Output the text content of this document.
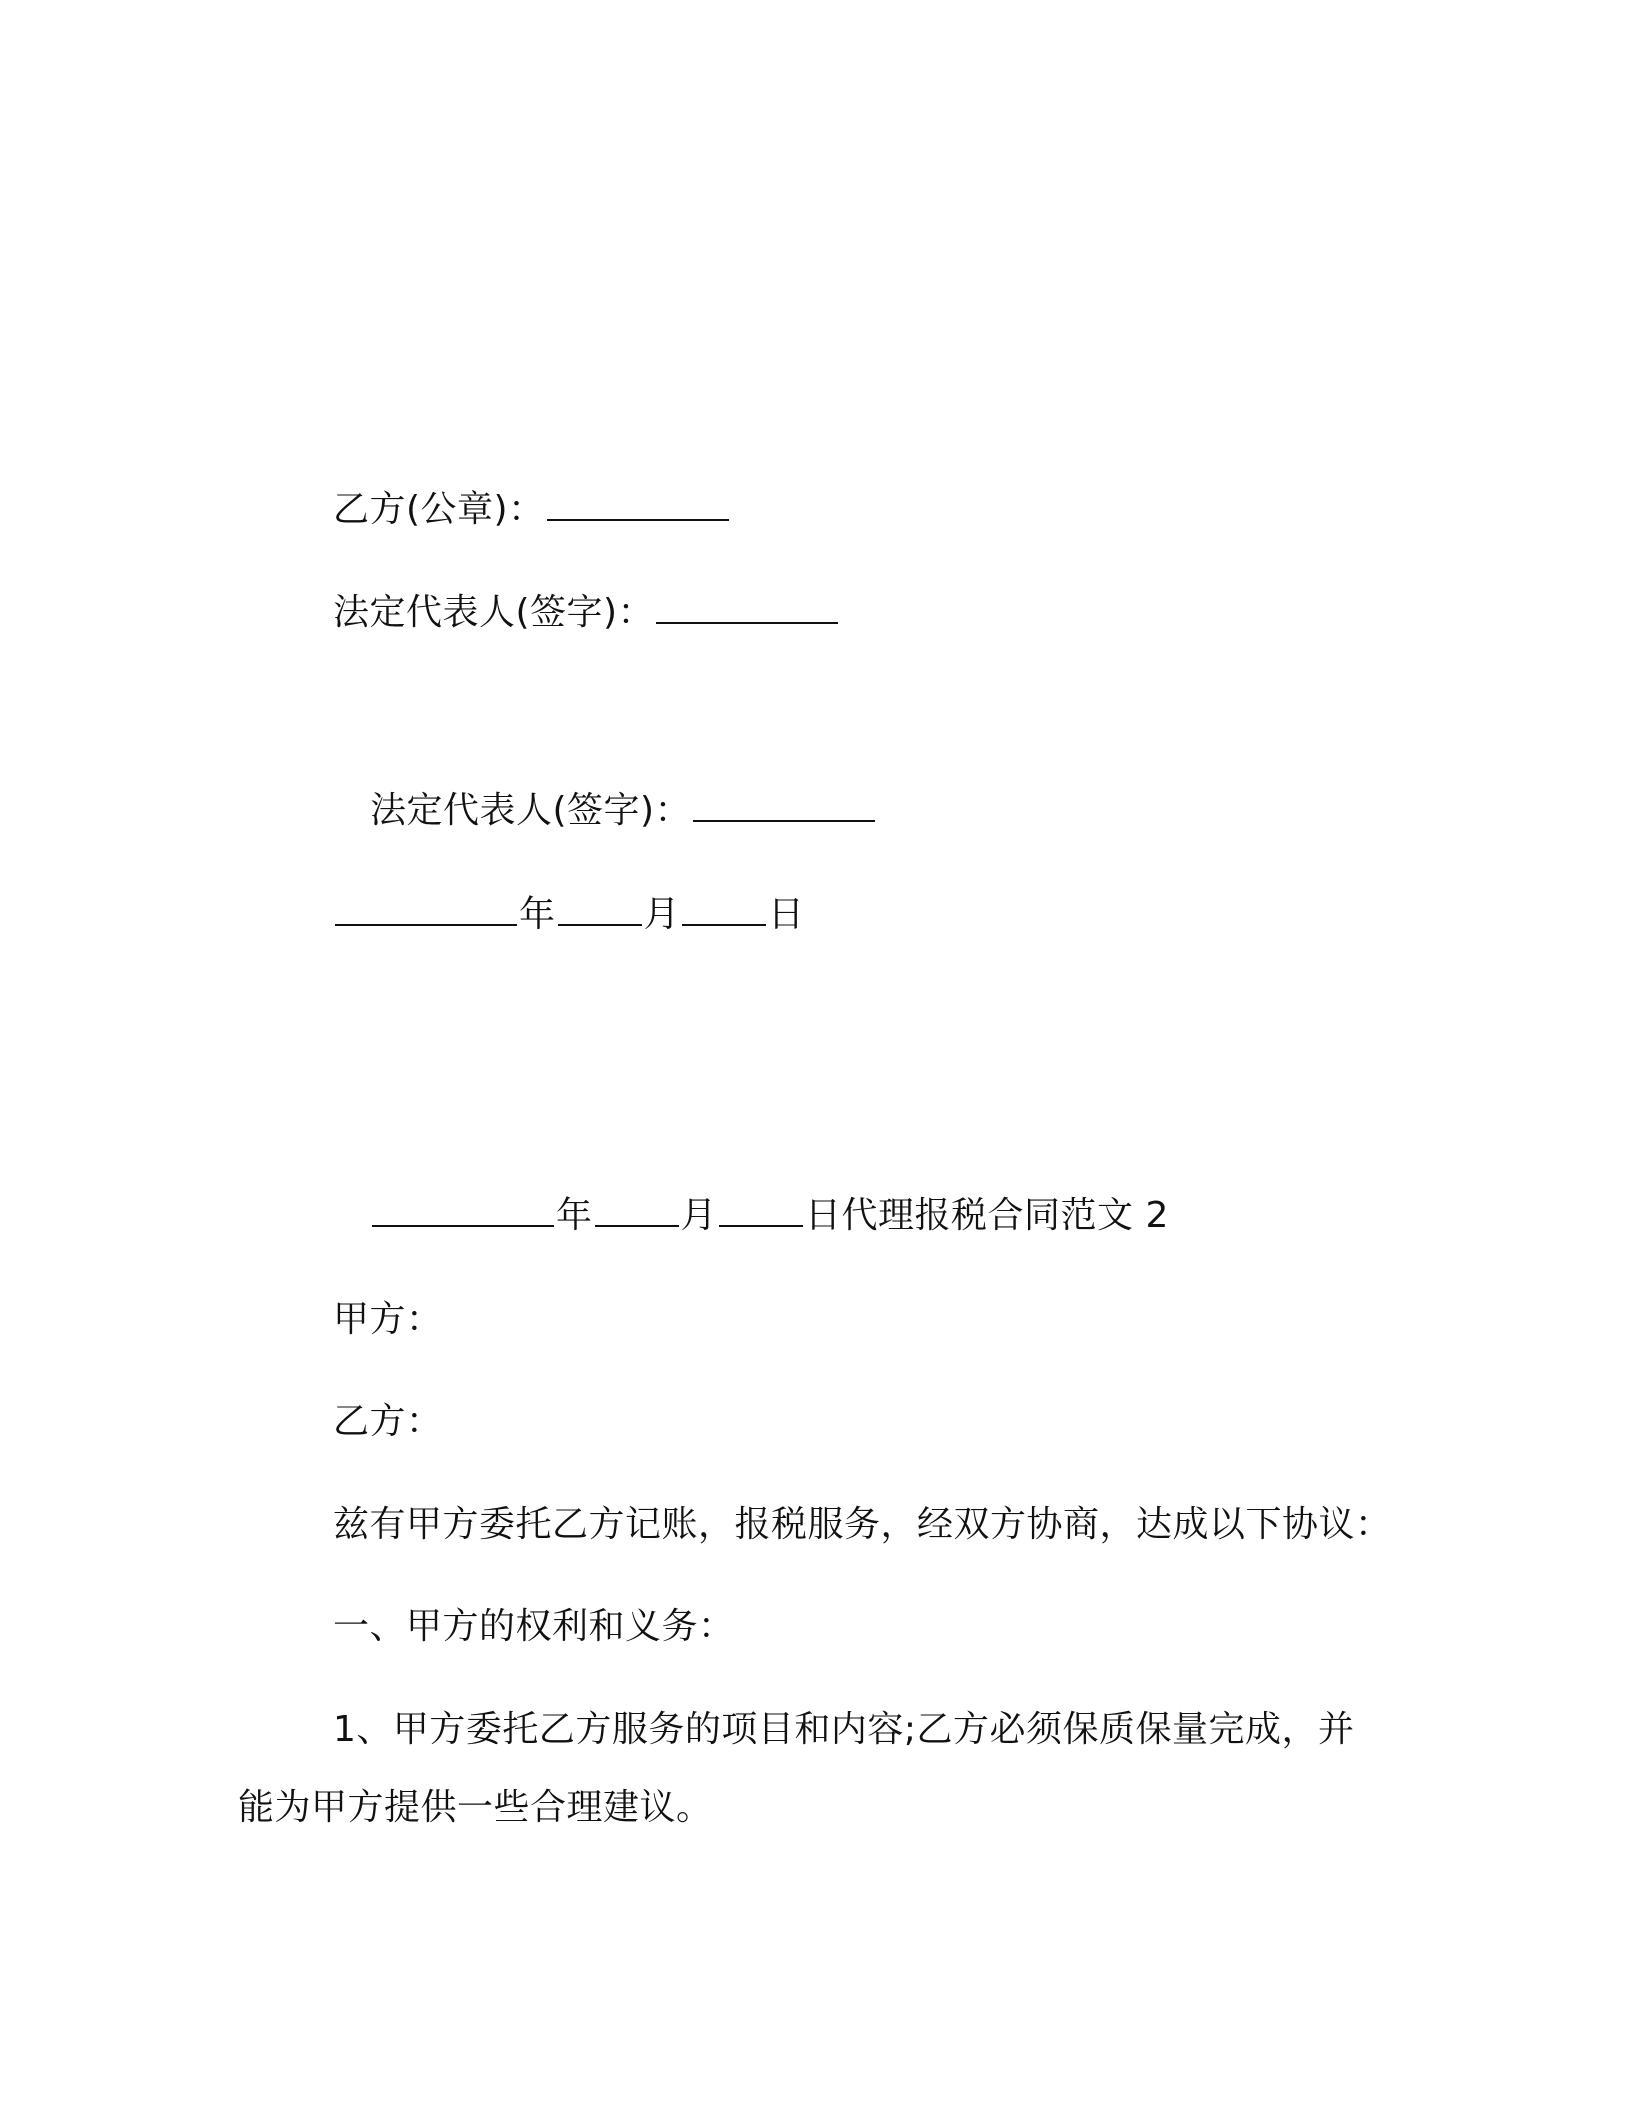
乙方(公章)：
法定代表人(签字)：
法定代表人(签字)：
年 月 日
年 月 日代理报税合同范文 2
甲方：
乙方：
兹有甲方委托乙方记账，报税服务，经双方协商，达成以下协议：
一、甲方的权利和义务：
1、甲方委托乙方服务的项目和内容;乙方必须保质保量完成，并
能为甲方提供一些合理建议。
